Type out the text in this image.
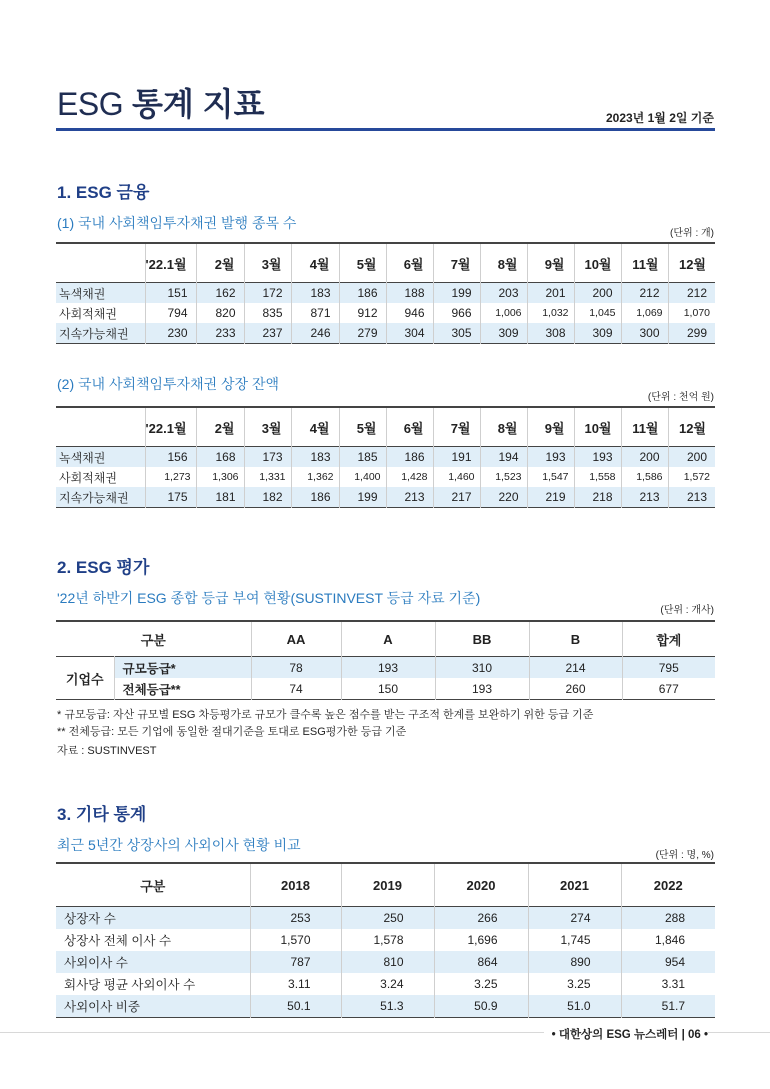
ESG 통계 지표	2023년 1월 2일 기준
1. ESG 금융
(1) 국내 사회책임투자채권 발행 종목 수
(단위 : 개)
	'22.1월	2월	3월	4월	5월	6월	7월	8월	9월	10월	11월	12월
녹색채권	151	162	172	183	186	188	199	203	201	200	212	212
사회적채권	794	820	835	871	912	946	966	1,006	1,032	1,045	1,069	1,070
지속가능채권	230	233	237	246	279	304	305	309	308	309	300	299
(2) 국내 사회책임투자채권 상장 잔액
(단위 : 천억 원)
	'22.1월	2월	3월	4월	5월	6월	7월	8월	9월	10월	11월	12월
녹색채권	156	168	173	183	185	186	191	194	193	193	200	200
사회적채권	1,273	1,306	1,331	1,362	1,400	1,428	1,460	1,523	1,547	1,558	1,586	1,572
지속가능채권	175	181	182	186	199	213	217	220	219	218	213	213
2. ESG 평가
'22년 하반기 ESG 종합 등급 부여 현황(SUSTINVEST 등급 자료 기준)
(단위 : 개사)
구분		AA	A	BB	B	합계
기업수	규모등급*	78	193	310	214	795
	전체등급**	74	150	193	260	677
* 규모등급: 자산 규모별 ESG 차등평가로 규모가 클수록 높은 점수를 받는 구조적 한계를 보완하기 위한 등급 기준
** 전체등급: 모든 기업에 동일한 절대기준을 토대로 ESG평가한 등급 기준
자료 : SUSTINVEST
3. 기타 통계
최근 5년간 상장사의 사외이사 현황 비교
(단위 : 명, %)
구분	2018	2019	2020	2021	2022
상장자 수	253	250	266	274	288
상장사 전체 이사 수	1,570	1,578	1,696	1,745	1,846
사외이사 수	787	810	864	890	954
회사당 평균 사외이사 수	3.11	3.24	3.25	3.25	3.31
사외이사 비중	50.1	51.3	50.9	51.0	51.7
• 대한상의 ESG 뉴스레터 | 06 •
